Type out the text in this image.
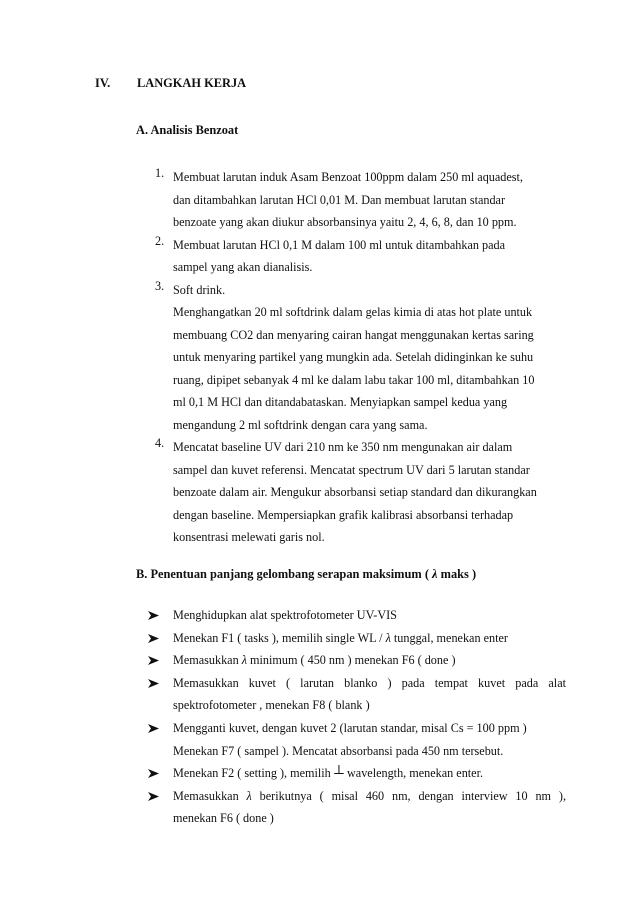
IV. LANGKAH KERJA
A. Analisis Benzoat
1. Membuat larutan induk Asam Benzoat 100ppm dalam 250 ml aquadest,
dan ditambahkan larutan HCl 0,01 M. Dan membuat larutan standar
benzoate yang akan diukur absorbansinya yaitu 2, 4, 6, 8, dan 10 ppm.
2. Membuat larutan HCl 0,1 M dalam 100 ml untuk ditambahkan pada
sampel yang akan dianalisis.
3. Soft drink.
Menghangatkan 20 ml softdrink dalam gelas kimia di atas hot plate untuk
membuang CO2 dan menyaring cairan hangat menggunakan kertas saring
untuk menyaring partikel yang mungkin ada. Setelah didinginkan ke suhu
ruang, dipipet sebanyak 4 ml ke dalam labu takar 100 ml, ditambahkan 10
ml 0,1 M HCl dan ditandabataskan. Menyiapkan sampel kedua yang
mengandung 2 ml softdrink dengan cara yang sama.
4. Mencatat baseline UV dari 210 nm ke 350 nm mengunakan air dalam
sampel dan kuvet referensi. Mencatat spectrum UV dari 5 larutan standar
benzoate dalam air. Mengukur absorbansi setiap standard dan dikurangkan
dengan baseline. Mempersiapkan grafik kalibrasi absorbansi terhadap
konsentrasi melewati garis nol.
B. Penentuan panjang gelombang serapan maksimum ( λ maks )
Menghidupkan alat spektrofotometer UV-VIS
Menekan F1 ( tasks ), memilih single WL / λ tunggal, menekan enter
Memasukkan λ minimum ( 450 nm ) menekan F6 ( done )
Memasukkan kuvet ( larutan blanko ) pada tempat kuvet pada alat
spektrofotometer , menekan F8 ( blank )
Mengganti kuvet, dengan kuvet 2 (larutan standar, misal Cs = 100 ppm )
Menekan F7 ( sampel ). Mencatat absorbansi pada 450 nm tersebut.
Menekan F2 ( setting ), memilih ⊥ wavelength, menekan enter.
Memasukkan λ berikutnya ( misal 460 nm, dengan interview 10 nm ),
menekan F6 ( done )
